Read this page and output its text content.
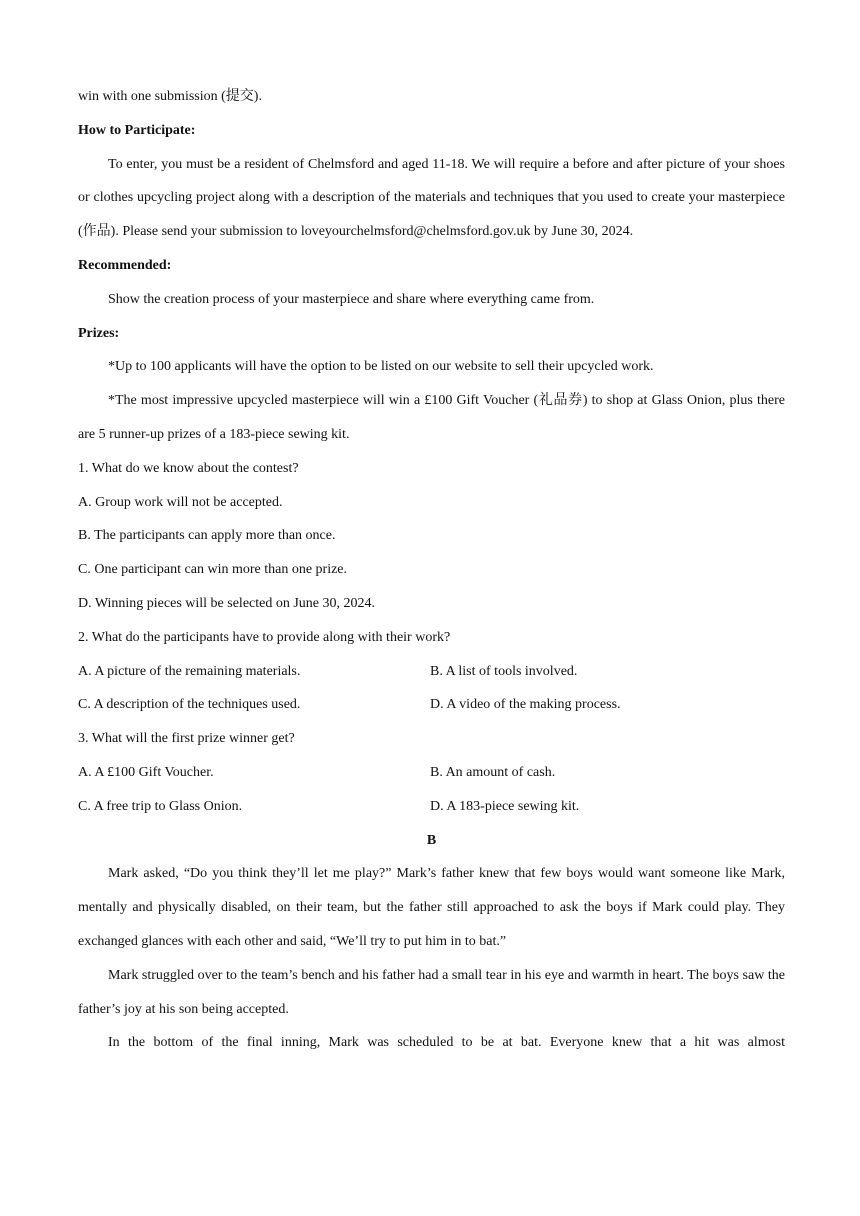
win with one submission (提交).

How to Participate:

To enter, you must be a resident of Chelmsford and aged 11-18. We will require a before and after picture of your shoes or clothes upcycling project along with a description of the materials and techniques that you used to create your masterpiece (作品). Please send your submission to loveyourchelmsford@chelmsford.gov.uk by June 30, 2024.

Recommended:

Show the creation process of your masterpiece and share where everything came from.

Prizes:

*Up to 100 applicants will have the option to be listed on our website to sell their upcycled work.

*The most impressive upcycled masterpiece will win a £100 Gift Voucher (礼品券) to shop at Glass Onion, plus there are 5 runner-up prizes of a 183-piece sewing kit.

1. What do we know about the contest?

A. Group work will not be accepted.

B. The participants can apply more than once.

C. One participant can win more than one prize.

D. Winning pieces will be selected on June 30, 2024.

2. What do the participants have to provide along with their work?

A. A picture of the remaining materials.	B. A list of tools involved.
C. A description of the techniques used.	D. A video of the making process.

3. What will the first prize winner get?

A. A £100 Gift Voucher.	B. An amount of cash.
C. A free trip to Glass Onion.	D. A 183-piece sewing kit.

B

Mark asked, “Do you think they’ll let me play?” Mark’s father knew that few boys would want someone like Mark, mentally and physically disabled, on their team, but the father still approached to ask the boys if Mark could play. They exchanged glances with each other and said, “We’ll try to put him in to bat.”

Mark struggled over to the team’s bench and his father had a small tear in his eye and warmth in heart. The boys saw the father’s joy at his son being accepted.

In the bottom of the final inning, Mark was scheduled to be at bat. Everyone knew that a hit was almost
